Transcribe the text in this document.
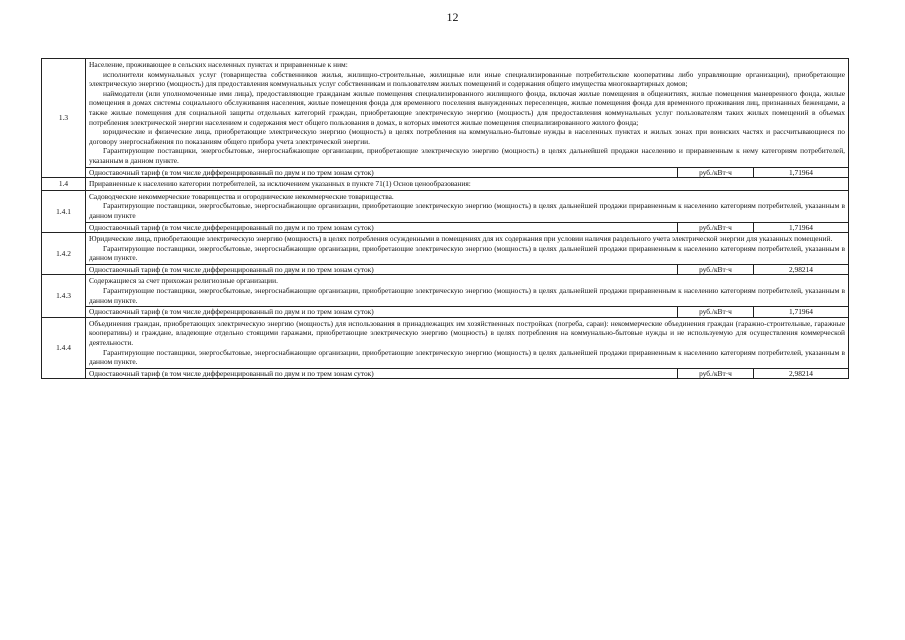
12
1.3	Население, проживающее в сельских населенных пунктах и приравненные к ним:

исполнители коммунальных услуг (товарищества собственников жилья, жилищно-строительные, жилищные или иные специализированные потребительские кооперативы либо управляющие организации), приобретающие электрическую энергию (мощность) для предоставления коммунальных услуг собственникам и пользователям жилых помещений и содержания общего имущества многоквартирных домов;

наймодатели (или уполномоченные ими лица), предоставляющие гражданам жилые помещения специализированного жилищного фонда, включая жилые помещения в общежитиях, жилые помещения маневренного фонда, жилые помещения в домах системы социального обслуживания населения, жилые помещения фонда для временного поселения вынужденных переселенцев, жилые помещения фонда для временного проживания лиц, признанных беженцами, а также жилые помещения для социальной защиты отдельных категорий граждан, приобретающие электрическую энергию (мощность) для предоставления коммунальных услуг пользователям таких жилых помещений в объемах потребления электрической энергии населением и содержания мест общего пользования в домах, в которых имеются жилые помещения специализированного жилого фонда;

юридические и физические лица, приобретающие электрическую энергию (мощность) в целях потребления на коммунально-бытовые нужды в населенных пунктах и жилых зонах при воинских частях и рассчитывающиеся по договору энергоснабжения по показаниям общего прибора учета электрической энергии.

Гарантирующие поставщики, энергосбытовые, энергоснабжающие организации, приобретающие электрическую энергию (мощность) в целях дальнейшей продажи населению и приравненным к нему категориям потребителей, указанным в данном пункте.		

	Одноставочный тариф (в том числе дифференцированный по двум и по трем зонам суток)	руб./кВт·ч	1,71964
1.4	Приравненные к населению категории потребителей, за исключением указанных в пункте 71(1) Основ ценообразования:		
1.4.1	Садоводческие некоммерческие товарищества и огороднические некоммерческие товарищества.

Гарантирующие поставщики, энергосбытовые, энергоснабжающие организации, приобретающие электрическую энергию (мощность) в целях дальнейшей продажи приравненным к населению категориям потребителей, указанным в данном пункте		

	Одноставочный тариф (в том числе дифференцированный по двум и по трем зонам суток)	руб./кВт·ч	1,71964
1.4.2	Юридические лица, приобретающие электрическую энергию (мощность) в целях потребления осужденными в помещениях для их содержания при условии наличия раздельного учета электрической энергии для указанных помещений.

Гарантирующие поставщики, энергосбытовые, энергоснабжающие организации, приобретающие электрическую энергию (мощность) в целях дальнейшей продажи приравненным к населению категориям потребителей, указанным в данном пункте.		

	Одноставочный тариф (в том числе дифференцированный по двум и по трем зонам суток)	руб./кВт·ч	2,98214
1.4.3	Содержащиеся за счет прихожан религиозные организации.

Гарантирующие поставщики, энергосбытовые, энергоснабжающие организации, приобретающие электрическую энергию (мощность) в целях дальнейшей продажи приравненным к населению категориям потребителей, указанным в данном пункте.		

	Одноставочный тариф (в том числе дифференцированный по двум и по трем зонам суток)	руб./кВт·ч	1,71964
1.4.4	Объединения граждан, приобретающих электрическую энергию (мощность) для использования в принадлежащих им хозяйственных постройках (погреба, сараи): некоммерческие объединения граждан (гаражно-строительные, гаражные кооперативы) и граждане, владеющие отдельно стоящими гаражами, приобретающие электрическую энергию (мощность) в целях потребления на коммунально-бытовые нужды и не используемую для осуществления коммерческой деятельности.

Гарантирующие поставщики, энергосбытовые, энергоснабжающие организации, приобретающие электрическую энергию (мощность) в целях дальнейшей продажи приравненным к населению категориям потребителей, указанным в данном пункте.		

	Одноставочный тариф (в том числе дифференцированный по двум и по трем зонам суток)	руб./кВт·ч	2,98214
